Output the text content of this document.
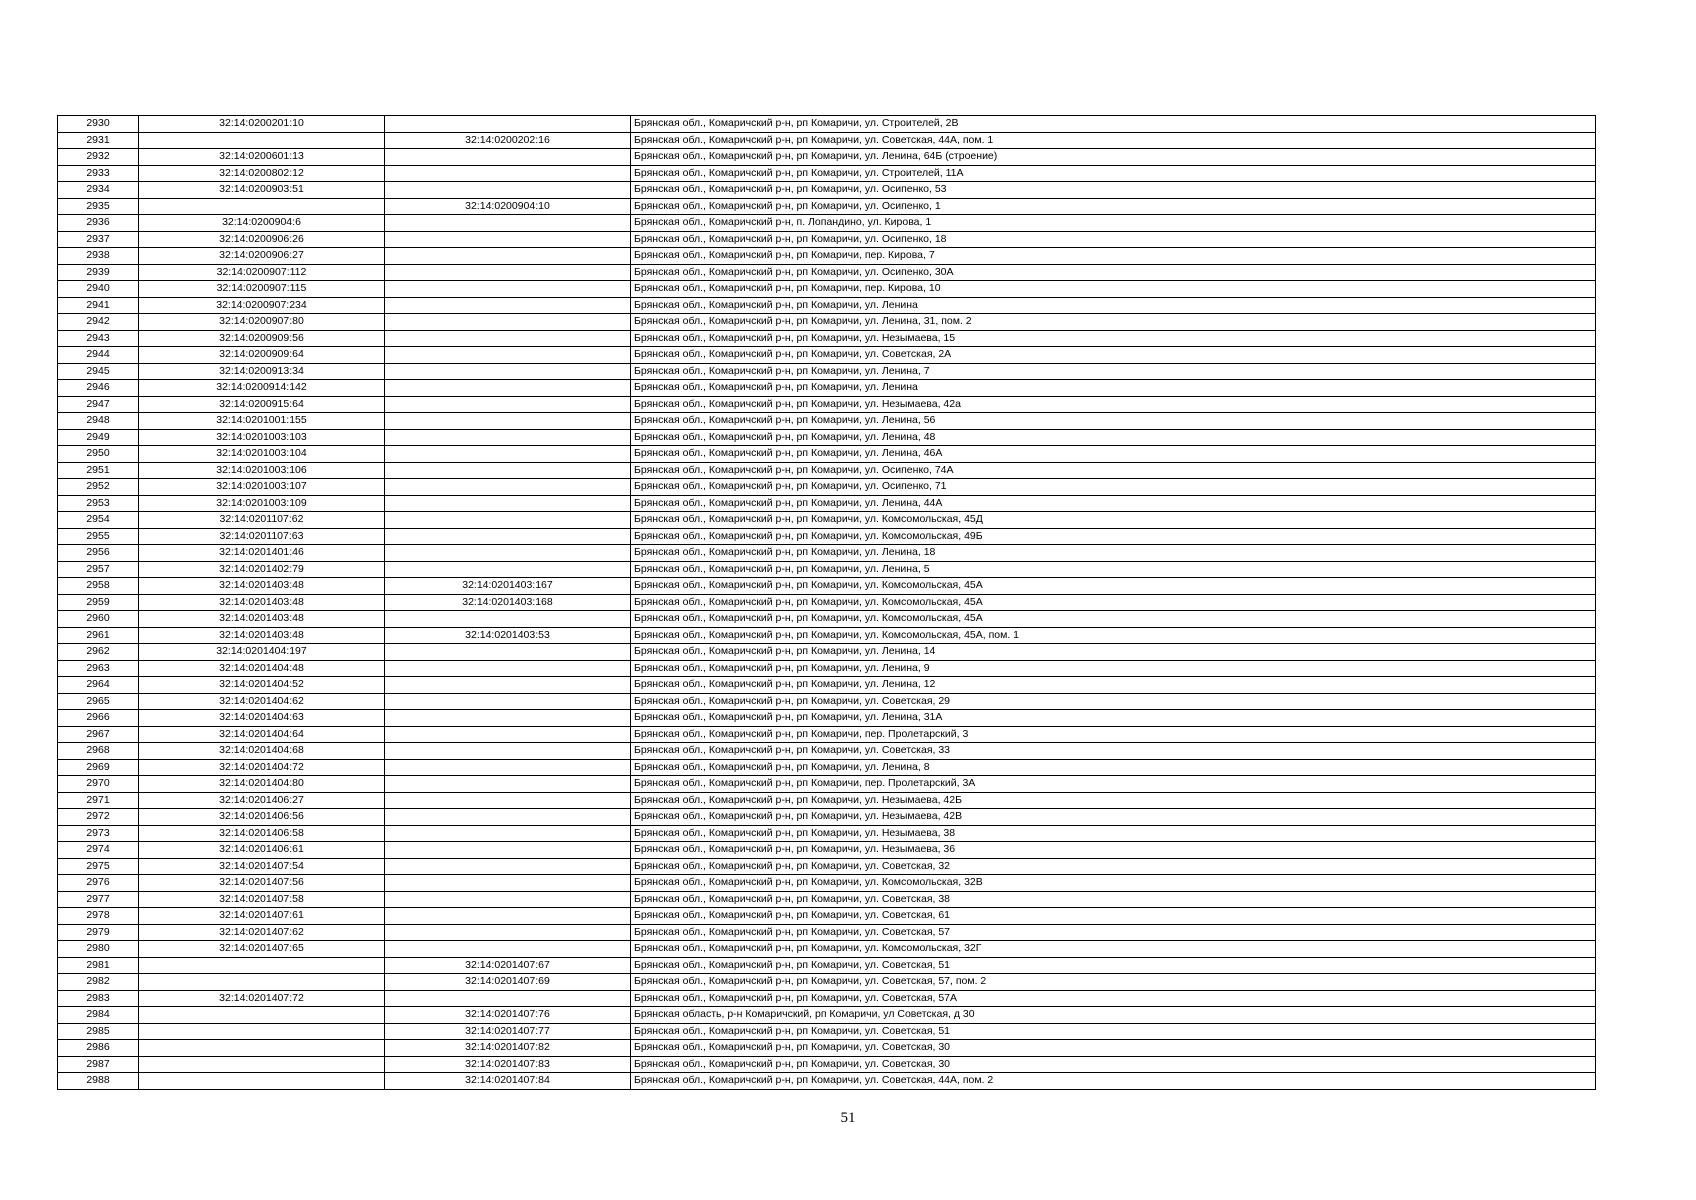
2930	32:14:0200201:10		Брянская обл., Комаричский р-н, рп Комаричи, ул. Строителей, 2В
2931		32:14:0200202:16	Брянская обл., Комаричский р-н, рп Комаричи, ул. Советская, 44А, пом. 1
2932	32:14:0200601:13		Брянская обл., Комаричский р-н, рп Комаричи, ул. Ленина, 64Б (строение)
2933	32:14:0200802:12		Брянская обл., Комаричский р-н, рп Комаричи, ул. Строителей, 11А
2934	32:14:0200903:51		Брянская обл., Комаричский р-н, рп Комаричи, ул. Осипенко, 53
2935		32:14:0200904:10	Брянская обл., Комаричский р-н, рп Комаричи, ул. Осипенко, 1
2936	32:14:0200904:6		Брянская обл., Комаричский р-н, п. Лопандино, ул. Кирова, 1
2937	32:14:0200906:26		Брянская обл., Комаричский р-н, рп Комаричи, ул. Осипенко, 18
2938	32:14:0200906:27		Брянская обл., Комаричский р-н, рп Комаричи, пер. Кирова, 7
2939	32:14:0200907:112		Брянская обл., Комаричский р-н, рп Комаричи, ул. Осипенко, 30А
2940	32:14:0200907:115		Брянская обл., Комаричский р-н, рп Комаричи, пер. Кирова, 10
2941	32:14:0200907:234		Брянская обл., Комаричский р-н, рп Комаричи, ул. Ленина
2942	32:14:0200907:80		Брянская обл., Комаричский р-н, рп Комаричи, ул. Ленина, 31, пом. 2
2943	32:14:0200909:56		Брянская обл., Комаричский р-н, рп Комаричи, ул. Незымаева, 15
2944	32:14:0200909:64		Брянская обл., Комаричский р-н, рп Комаричи, ул. Советская, 2А
2945	32:14:0200913:34		Брянская обл., Комаричский р-н, рп Комаричи, ул. Ленина, 7
2946	32:14:0200914:142		Брянская обл., Комаричский р-н, рп Комаричи, ул. Ленина
2947	32:14:0200915:64		Брянская обл., Комаричский р-н, рп Комаричи, ул. Незымаева, 42а
2948	32:14:0201001:155		Брянская обл., Комаричский р-н, рп Комаричи, ул. Ленина, 56
2949	32:14:0201003:103		Брянская обл., Комаричский р-н, рп Комаричи, ул. Ленина, 48
2950	32:14:0201003:104		Брянская обл., Комаричский р-н, рп Комаричи, ул. Ленина, 46А
2951	32:14:0201003:106		Брянская обл., Комаричский р-н, рп Комаричи, ул. Осипенко, 74А
2952	32:14:0201003:107		Брянская обл., Комаричский р-н, рп Комаричи, ул. Осипенко, 71
2953	32:14:0201003:109		Брянская обл., Комаричский р-н, рп Комаричи, ул. Ленина, 44А
2954	32:14:0201107:62		Брянская обл., Комаричский р-н, рп Комаричи, ул. Комсомольская, 45Д
2955	32:14:0201107:63		Брянская обл., Комаричский р-н, рп Комаричи, ул. Комсомольская, 49Б
2956	32:14:0201401:46		Брянская обл., Комаричский р-н, рп Комаричи, ул. Ленина, 18
2957	32:14:0201402:79		Брянская обл., Комаричский р-н, рп Комаричи, ул. Ленина, 5
2958	32:14:0201403:48	32:14:0201403:167	Брянская обл., Комаричский р-н, рп Комаричи, ул. Комсомольская, 45А
2959	32:14:0201403:48	32:14:0201403:168	Брянская обл., Комаричский р-н, рп Комаричи, ул. Комсомольская, 45А
2960	32:14:0201403:48		Брянская обл., Комаричский р-н, рп Комаричи, ул. Комсомольская, 45А
2961	32:14:0201403:48	32:14:0201403:53	Брянская обл., Комаричский р-н, рп Комаричи, ул. Комсомольская, 45А, пом. 1
2962	32:14:0201404:197		Брянская обл., Комаричский р-н, рп Комаричи, ул. Ленина, 14
2963	32:14:0201404:48		Брянская обл., Комаричский р-н, рп Комаричи, ул. Ленина, 9
2964	32:14:0201404:52		Брянская обл., Комаричский р-н, рп Комаричи, ул. Ленина, 12
2965	32:14:0201404:62		Брянская обл., Комаричский р-н, рп Комаричи, ул. Советская, 29
2966	32:14:0201404:63		Брянская обл., Комаричский р-н, рп Комаричи, ул. Ленина, 31А
2967	32:14:0201404:64		Брянская обл., Комаричский р-н, рп Комаричи, пер. Пролетарский, 3
2968	32:14:0201404:68		Брянская обл., Комаричский р-н, рп Комаричи, ул. Советская, 33
2969	32:14:0201404:72		Брянская обл., Комаричский р-н, рп Комаричи, ул. Ленина, 8
2970	32:14:0201404:80		Брянская обл., Комаричский р-н, рп Комаричи, пер. Пролетарский, 3А
2971	32:14:0201406:27		Брянская обл., Комаричский р-н, рп Комаричи, ул. Незымаева, 42Б
2972	32:14:0201406:56		Брянская обл., Комаричский р-н, рп Комаричи, ул. Незымаева, 42В
2973	32:14:0201406:58		Брянская обл., Комаричский р-н, рп Комаричи, ул. Незымаева, 38
2974	32:14:0201406:61		Брянская обл., Комаричский р-н, рп Комаричи, ул. Незымаева, 36
2975	32:14:0201407:54		Брянская обл., Комаричский р-н, рп Комаричи, ул. Советская, 32
2976	32:14:0201407:56		Брянская обл., Комаричский р-н, рп Комаричи, ул. Комсомольская, 32В
2977	32:14:0201407:58		Брянская обл., Комаричский р-н, рп Комаричи, ул. Советская, 38
2978	32:14:0201407:61		Брянская обл., Комаричский р-н, рп Комаричи, ул. Советская, 61
2979	32:14:0201407:62		Брянская обл., Комаричский р-н, рп Комаричи, ул. Советская, 57
2980	32:14:0201407:65		Брянская обл., Комаричский р-н, рп Комаричи, ул. Комсомольская, 32Г
2981		32:14:0201407:67	Брянская обл., Комаричский р-н, рп Комаричи, ул. Советская, 51
2982		32:14:0201407:69	Брянская обл., Комаричский р-н, рп Комаричи, ул. Советская, 57, пом. 2
2983	32:14:0201407:72		Брянская обл., Комаричский р-н, рп Комаричи, ул. Советская, 57А
2984		32:14:0201407:76	Брянская область, р-н Комаричский, рп Комаричи, ул Советская, д 30
2985		32:14:0201407:77	Брянская обл., Комаричский р-н, рп Комаричи, ул. Советская, 51
2986		32:14:0201407:82	Брянская обл., Комаричский р-н, рп Комаричи, ул. Советская, 30
2987		32:14:0201407:83	Брянская обл., Комаричский р-н, рп Комаричи, ул. Советская, 30
2988		32:14:0201407:84	Брянская обл., Комаричский р-н, рп Комаричи, ул. Советская, 44А, пом. 2
51
